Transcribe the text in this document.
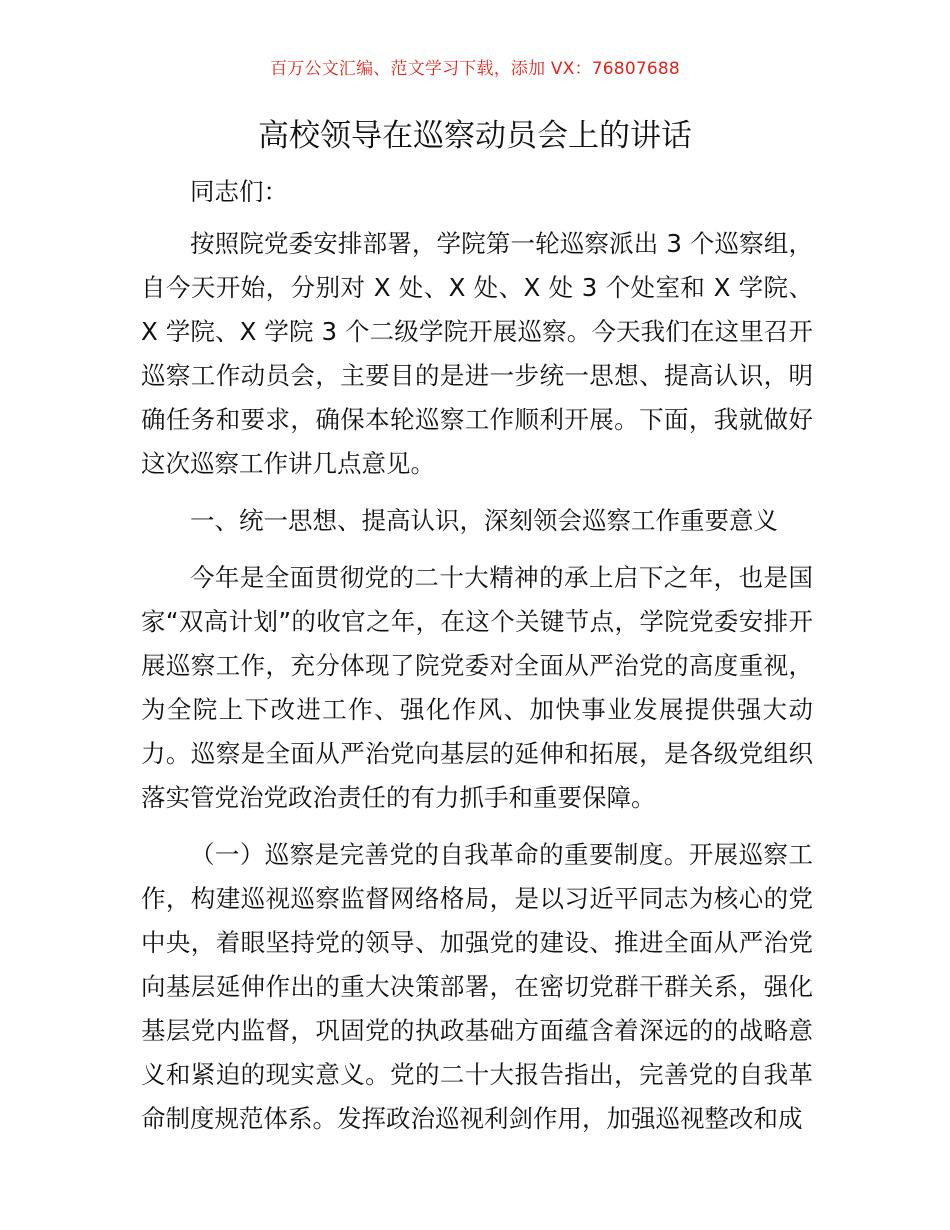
百万公文汇编、范文学习下载，添加 VX：76807688
高校领导在巡察动员会上的讲话

同志们：

按照院党委安排部署，学院第一轮巡察派出 3 个巡察组，自今天开始，分别对 X 处、X 处、X 处 3 个处室和 X 学院、X 学院、X 学院 3 个二级学院开展巡察。今天我们在这里召开巡察工作动员会，主要目的是进一步统一思想、提高认识，明确任务和要求，确保本轮巡察工作顺利开展。下面，我就做好这次巡察工作讲几点意见。

一、统一思想、提高认识，深刻领会巡察工作重要意义

今年是全面贯彻党的二十大精神的承上启下之年，也是国家“双高计划”的收官之年，在这个关键节点，学院党委安排开展巡察工作，充分体现了院党委对全面从严治党的高度重视，为全院上下改进工作、强化作风、加快事业发展提供强大动力。巡察是全面从严治党向基层的延伸和拓展，是各级党组织落实管党治党政治责任的有力抓手和重要保障。

（一）巡察是完善党的自我革命的重要制度。开展巡察工作，构建巡视巡察监督网络格局，是以习近平同志为核心的党中央，着眼坚持党的领导、加强党的建设、推进全面从严治党向基层延伸作出的重大决策部署，在密切党群干群关系，强化基层党内监督，巩固党的执政基础方面蕴含着深远的的战略意义和紧迫的现实意义。党的二十大报告指出，完善党的自我革命制度规范体系。发挥政治巡视利剑作用，加强巡视整改和成
